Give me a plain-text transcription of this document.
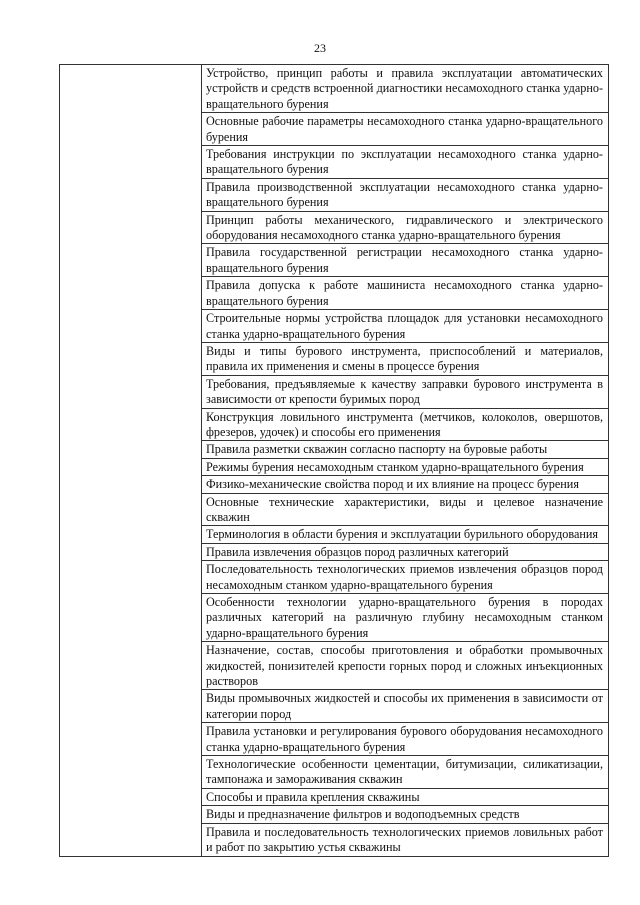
23
Устройство, принцип работы и правила эксплуатации автоматических устройств и средств встроенной диагностики несамоходного станка ударно-вращательного бурения
Основные рабочие параметры несамоходного станка ударно-вращательного бурения
Требования инструкции по эксплуатации несамоходного станка ударно-вращательного бурения
Правила производственной эксплуатации несамоходного станка ударно-вращательного бурения
Принцип работы механического, гидравлического и электрического оборудования несамоходного станка ударно-вращательного бурения
Правила государственной регистрации несамоходного станка ударно-вращательного бурения
Правила допуска к работе машиниста несамоходного станка ударно-вращательного бурения
Строительные нормы устройства площадок для установки несамоходного станка ударно-вращательного бурения
Виды и типы бурового инструмента, приспособлений и материалов, правила их применения и смены в процессе бурения
Требования, предъявляемые к качеству заправки бурового инструмента в зависимости от крепости буримых пород
Конструкция ловильного инструмента (метчиков, колоколов, овершотов, фрезеров, удочек) и способы его применения
Правила разметки скважин согласно паспорту на буровые работы
Режимы бурения несамоходным станком ударно-вращательного бурения
Физико-механические свойства пород и их влияние на процесс бурения
Основные технические характеристики, виды и целевое назначение скважин
Терминология в области бурения и эксплуатации бурильного оборудования
Правила извлечения образцов пород различных категорий
Последовательность технологических приемов извлечения образцов пород несамоходным станком ударно-вращательного бурения
Особенности технологии ударно-вращательного бурения в породах различных категорий на различную глубину несамоходным станком ударно-вращательного бурения
Назначение, состав, способы приготовления и обработки промывочных жидкостей, понизителей крепости горных пород и сложных инъекционных растворов
Виды промывочных жидкостей и способы их применения в зависимости от категории пород
Правила установки и регулирования бурового оборудования несамоходного станка ударно-вращательного бурения
Технологические особенности цементации, битумизации, силикатизации, тампонажа и замораживания скважин
Способы и правила крепления скважины
Виды и предназначение фильтров и водоподъемных средств
Правила и последовательность технологических приемов ловильных работ и работ по закрытию устья скважины
